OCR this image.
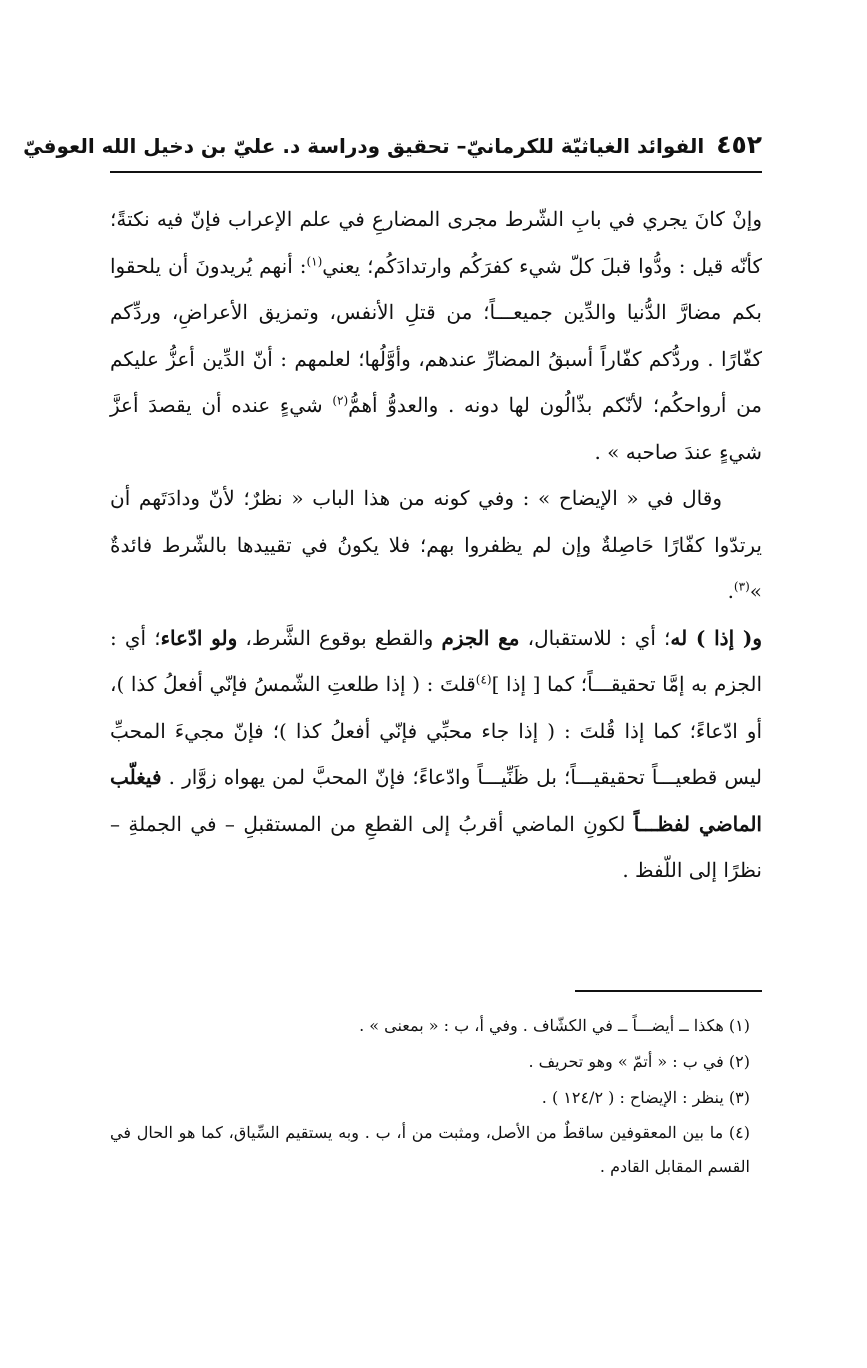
٤٥٢الفوائد الغياثيّة للكرمانيّ– تحقيق ودراسة د. عليّ بن دخيل الله العوفيّ

وإنْ كانَ يجري في بابِ الشّرط مجرى المضارعِ في علم الإعراب فإنّ فيه نكتةً؛ كأنّه قيل : ودُّوا قبلَ كلّ شيء كفرَكُم وارتدادَكُم؛ يعني$^{(١)}$: أنهم يُريدونَ أن يلحقوا بكم مضارَّ الدُّنيا والدِّين جميعـــاً؛ من قتلِ الأنفس، وتمزيق الأعراضِ، وردِّكم كفّارًا . وردُّكم كفّاراً أسبقُ المضارِّ عندهم، وأوَّلُها؛ لعلمهم : أنّ الدِّين أعزُّ عليكم من أرواحكُم؛ لأنّكم بذّالُون لها دونه . والعدوُّ أهمُّ$^{(٢)}$ شيءٍ عنده أن يقصدَ أعزَّ شيءٍ عندَ صاحبه » .

وقال في « الإيضاح » : وفي كونه من هذا الباب « نظرٌ؛ لأنّ ودادَتَهم أن يرتدّوا كفّارًا حَاصِلةٌ وإن لم يظفروا بهم؛ فلا يكونُ في تقييدها بالشّرط فائدةٌ »$^{(٣)}$.

و( إذا ) له؛ أي : للاستقبال، مع الجزم والقطع بوقوع الشَّرط، ولو ادّعاء؛ أي : الجزم به إمَّا تحقيقـــاً؛ كما [ إذا ]$^{(٤)}$قلتَ : ( إذا طلعتِ الشّمسُ فإنّي أفعلُ كذا )، أو ادّعاءً؛ كما إذا قُلتَ : ( إذا جاء محبِّي فإنّي أفعلُ كذا )؛ فإنّ مجيءَ المحبِّ ليس قطعيـــاً تحقيقيـــاً؛ بل ظَنِّيـــاً وادّعاءً؛ فإنّ المحبَّ لمن يهواه زوَّار . فيغلّب الماضي لفظـــاً لكونِ الماضي أقربُ إلى القطعِ من المستقبلِ – في الجملةِ – نظرًا إلى اللّفظ .

(١) هكذا ــ أيضـــاً ــ في الكشّاف . وفي أ، ب : « بمعنى » .

(٢) في ب : « أتمّ » وهو تحريف .

(٣) ينظر : الإيضاح : ( ١٢٤/٢ ) .

(٤) ما بين المعقوفين ساقطٌ من الأصل، ومثبت من أ، ب . وبه يستقيم السِّياق، كما هو الحال في القسم المقابل القادم .
